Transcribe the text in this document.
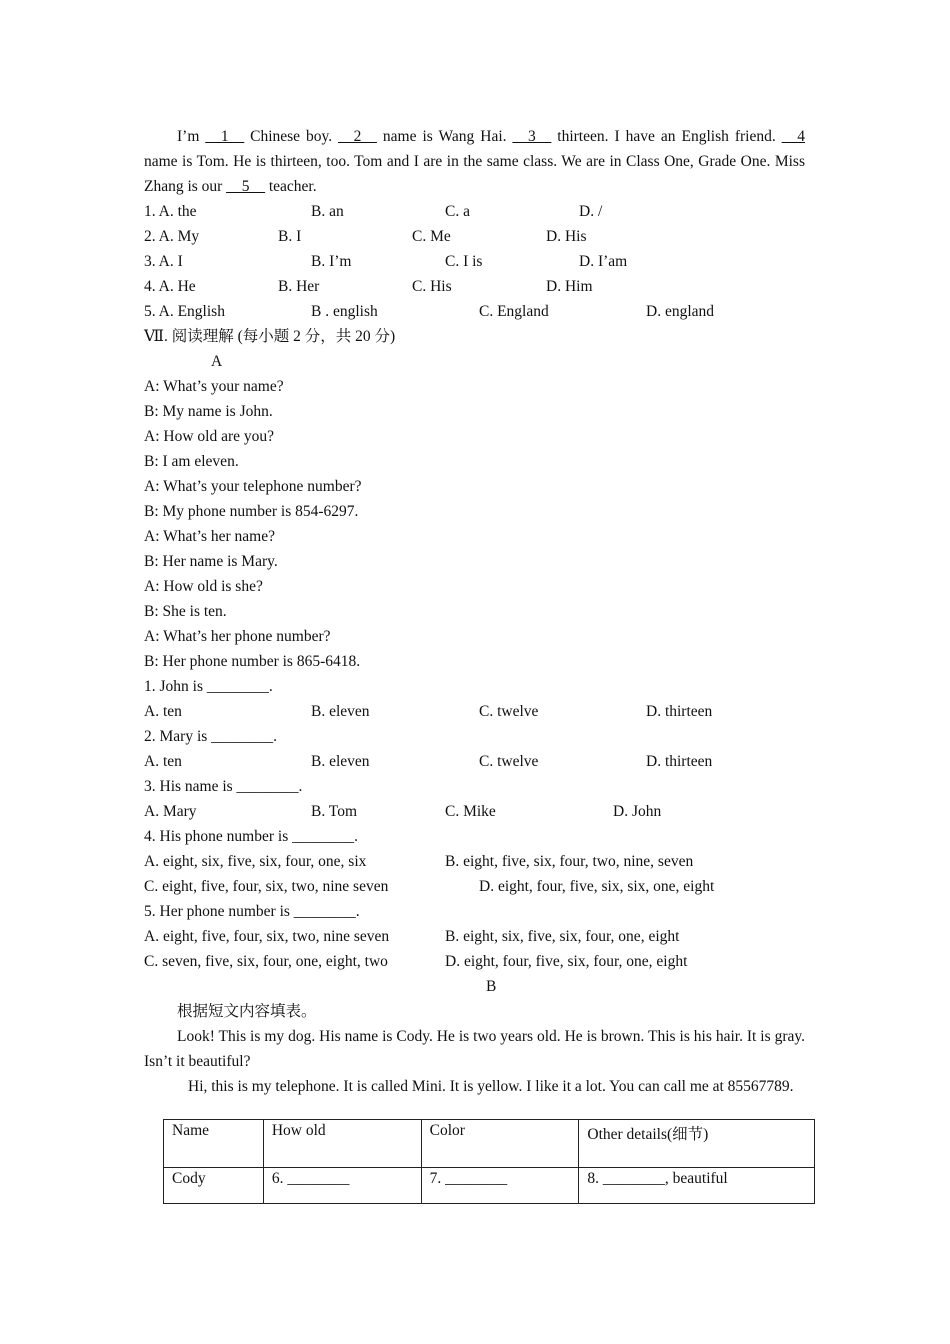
I’m __1__ Chinese boy. __2__ name is Wang Hai. __3__ thirteen. I have an English friend. __4 name is Tom. He is thirteen, too. Tom and I are in the same class. We are in Class One, Grade One. Miss Zhang is our __5__ teacher.
1. A. the	B. an	C. a	D. /
2. A. My	B. I	C. Me	D. His
3. A. I	B. I’m	C. I is	D. I’am
4. A. He	B. Her	C. His	D. Him
5. A. English	B . english	C. England	D. england
Ⅶ. 阅读理解 (每小题 2 分，共 20 分)
A
A: What’s your name?
B: My name is John.
A: How old are you?
B: I am eleven.
A: What’s your telephone number?
B: My phone number is 854-6297.
A: What’s her name?
B: Her name is Mary.
A: How old is she?
B: She is ten.
A: What’s her phone number?
B: Her phone number is 865-6418.
1. John is ________.
A. ten	B. eleven	C. twelve	D. thirteen
2. Mary is ________.
A. ten	B. eleven	C. twelve	D. thirteen
3. His name is ________.
A. Mary	B. Tom	C. Mike	D. John
4. His phone number is ________.
A. eight, six, five, six, four, one, six	B. eight, five, six, four, two, nine, seven
C. eight, five, four, six, two, nine seven	D. eight, four, five, six, six, one, eight
5. Her phone number is ________.
A. eight, five, four, six, two, nine seven	B. eight, six, five, six, four, one, eight
C. seven, five, six, four, one, eight, two	D. eight, four, five, six, four, one, eight
B
根据短文内容填表。
Look! This is my dog. His name is Cody. He is two years old. He is brown. This is his hair. It is gray. Isn’t it beautiful?
Hi, this is my telephone. It is called Mini. It is yellow. I like it a lot. You can call me at 85567789.
Name	How old	Color	Other details(细节)
Cody	6. ________	7. ________	8. ________, beautiful
